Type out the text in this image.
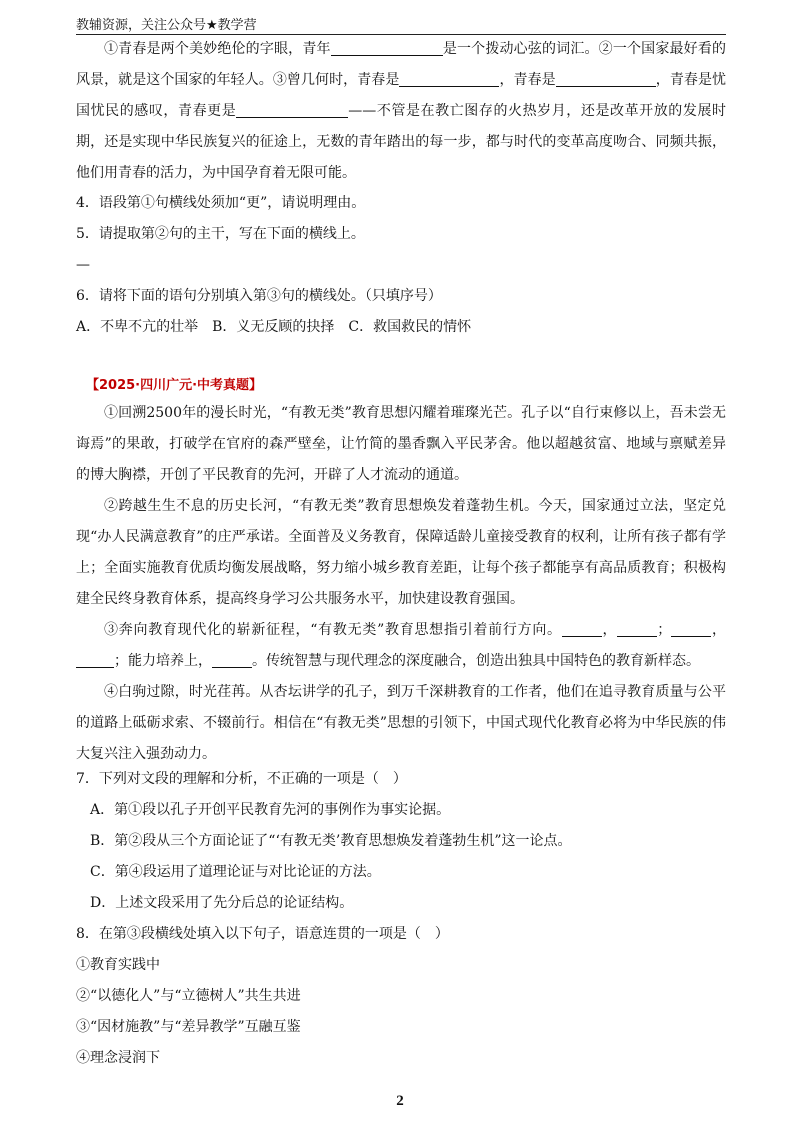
教辅资源，关注公众号★教学营

①青春是两个美妙绝伦的字眼，青年	是一个拨动心弦的词汇。②一个国家最好看的风景，就是这个国家的年轻人。③曾几何时，青春是	，青春是	，青春是忧国忧民的感叹，青春更是	——不管是在教亡图存的火热岁月，还是改革开放的发展时期，还是实现中华民族复兴的征途上，无数的青年踏出的每一步，都与时代的变革高度吻合、同频共振，他们用青春的活力，为中国孕育着无限可能。

4．语段第①句横线处须加“更”，请说明理由。

5．请提取第②句的主干，写在下面的横线上。

—

6．请将下面的语句分别填入第③句的横线处。（只填序号）

A．不卑不亢的壮举　B．义无反顾的抉择　C．救国救民的情怀

【2025·四川广元·中考真题】

①回溯2500年的漫长时光，“有教无类”教育思想闪耀着璀璨光芒。孔子以“自行束修以上，吾未尝无诲焉”的果敢，打破学在官府的森严壁垒，让竹简的墨香飘入平民茅舍。他以超越贫富、地域与禀赋差异的博大胸襟，开创了平民教育的先河，开辟了人才流动的通道。

②跨越生生不息的历史长河，“有教无类”教育思想焕发着蓬勃生机。今天，国家通过立法，坚定兑现“办人民满意教育”的庄严承诺。全面普及义务教育，保障适龄儿童接受教育的权利，让所有孩子都有学上；全面实施教育优质均衡发展战略，努力缩小城乡教育差距，让每个孩子都能享有高品质教育；积极构建全民终身教育体系，提高终身学习公共服务水平，加快建设教育强国。

③奔向教育现代化的崭新征程，“有教无类”教育思想指引着前行方向。	，	；	，；能力培养上，	。传统智慧与现代理念的深度融合，创造出独具中国特色的教育新样态。

④白驹过隙，时光荏苒。从杏坛讲学的孔子，到万千深耕教育的工作者，他们在追寻教育质量与公平的道路上砥砺求索、不辍前行。相信在“有教无类”思想的引领下，中国式现代化教育必将为中华民族的伟大复兴注入强劲动力。

7．下列对文段的理解和分析，不正确的一项是（　）

A．第①段以孔子开创平民教育先河的事例作为事实论据。

B．第②段从三个方面论证了“‘有教无类’教育思想焕发着蓬勃生机”这一论点。

C．第④段运用了道理论证与对比论证的方法。

D．上述文段采用了先分后总的论证结构。

8．在第③段横线处填入以下句子，语意连贯的一项是（　）

①教育实践中

②“以德化人”与“立德树人”共生共进

③“因材施教”与“差异教学”互融互鉴

④理念浸润下

2
